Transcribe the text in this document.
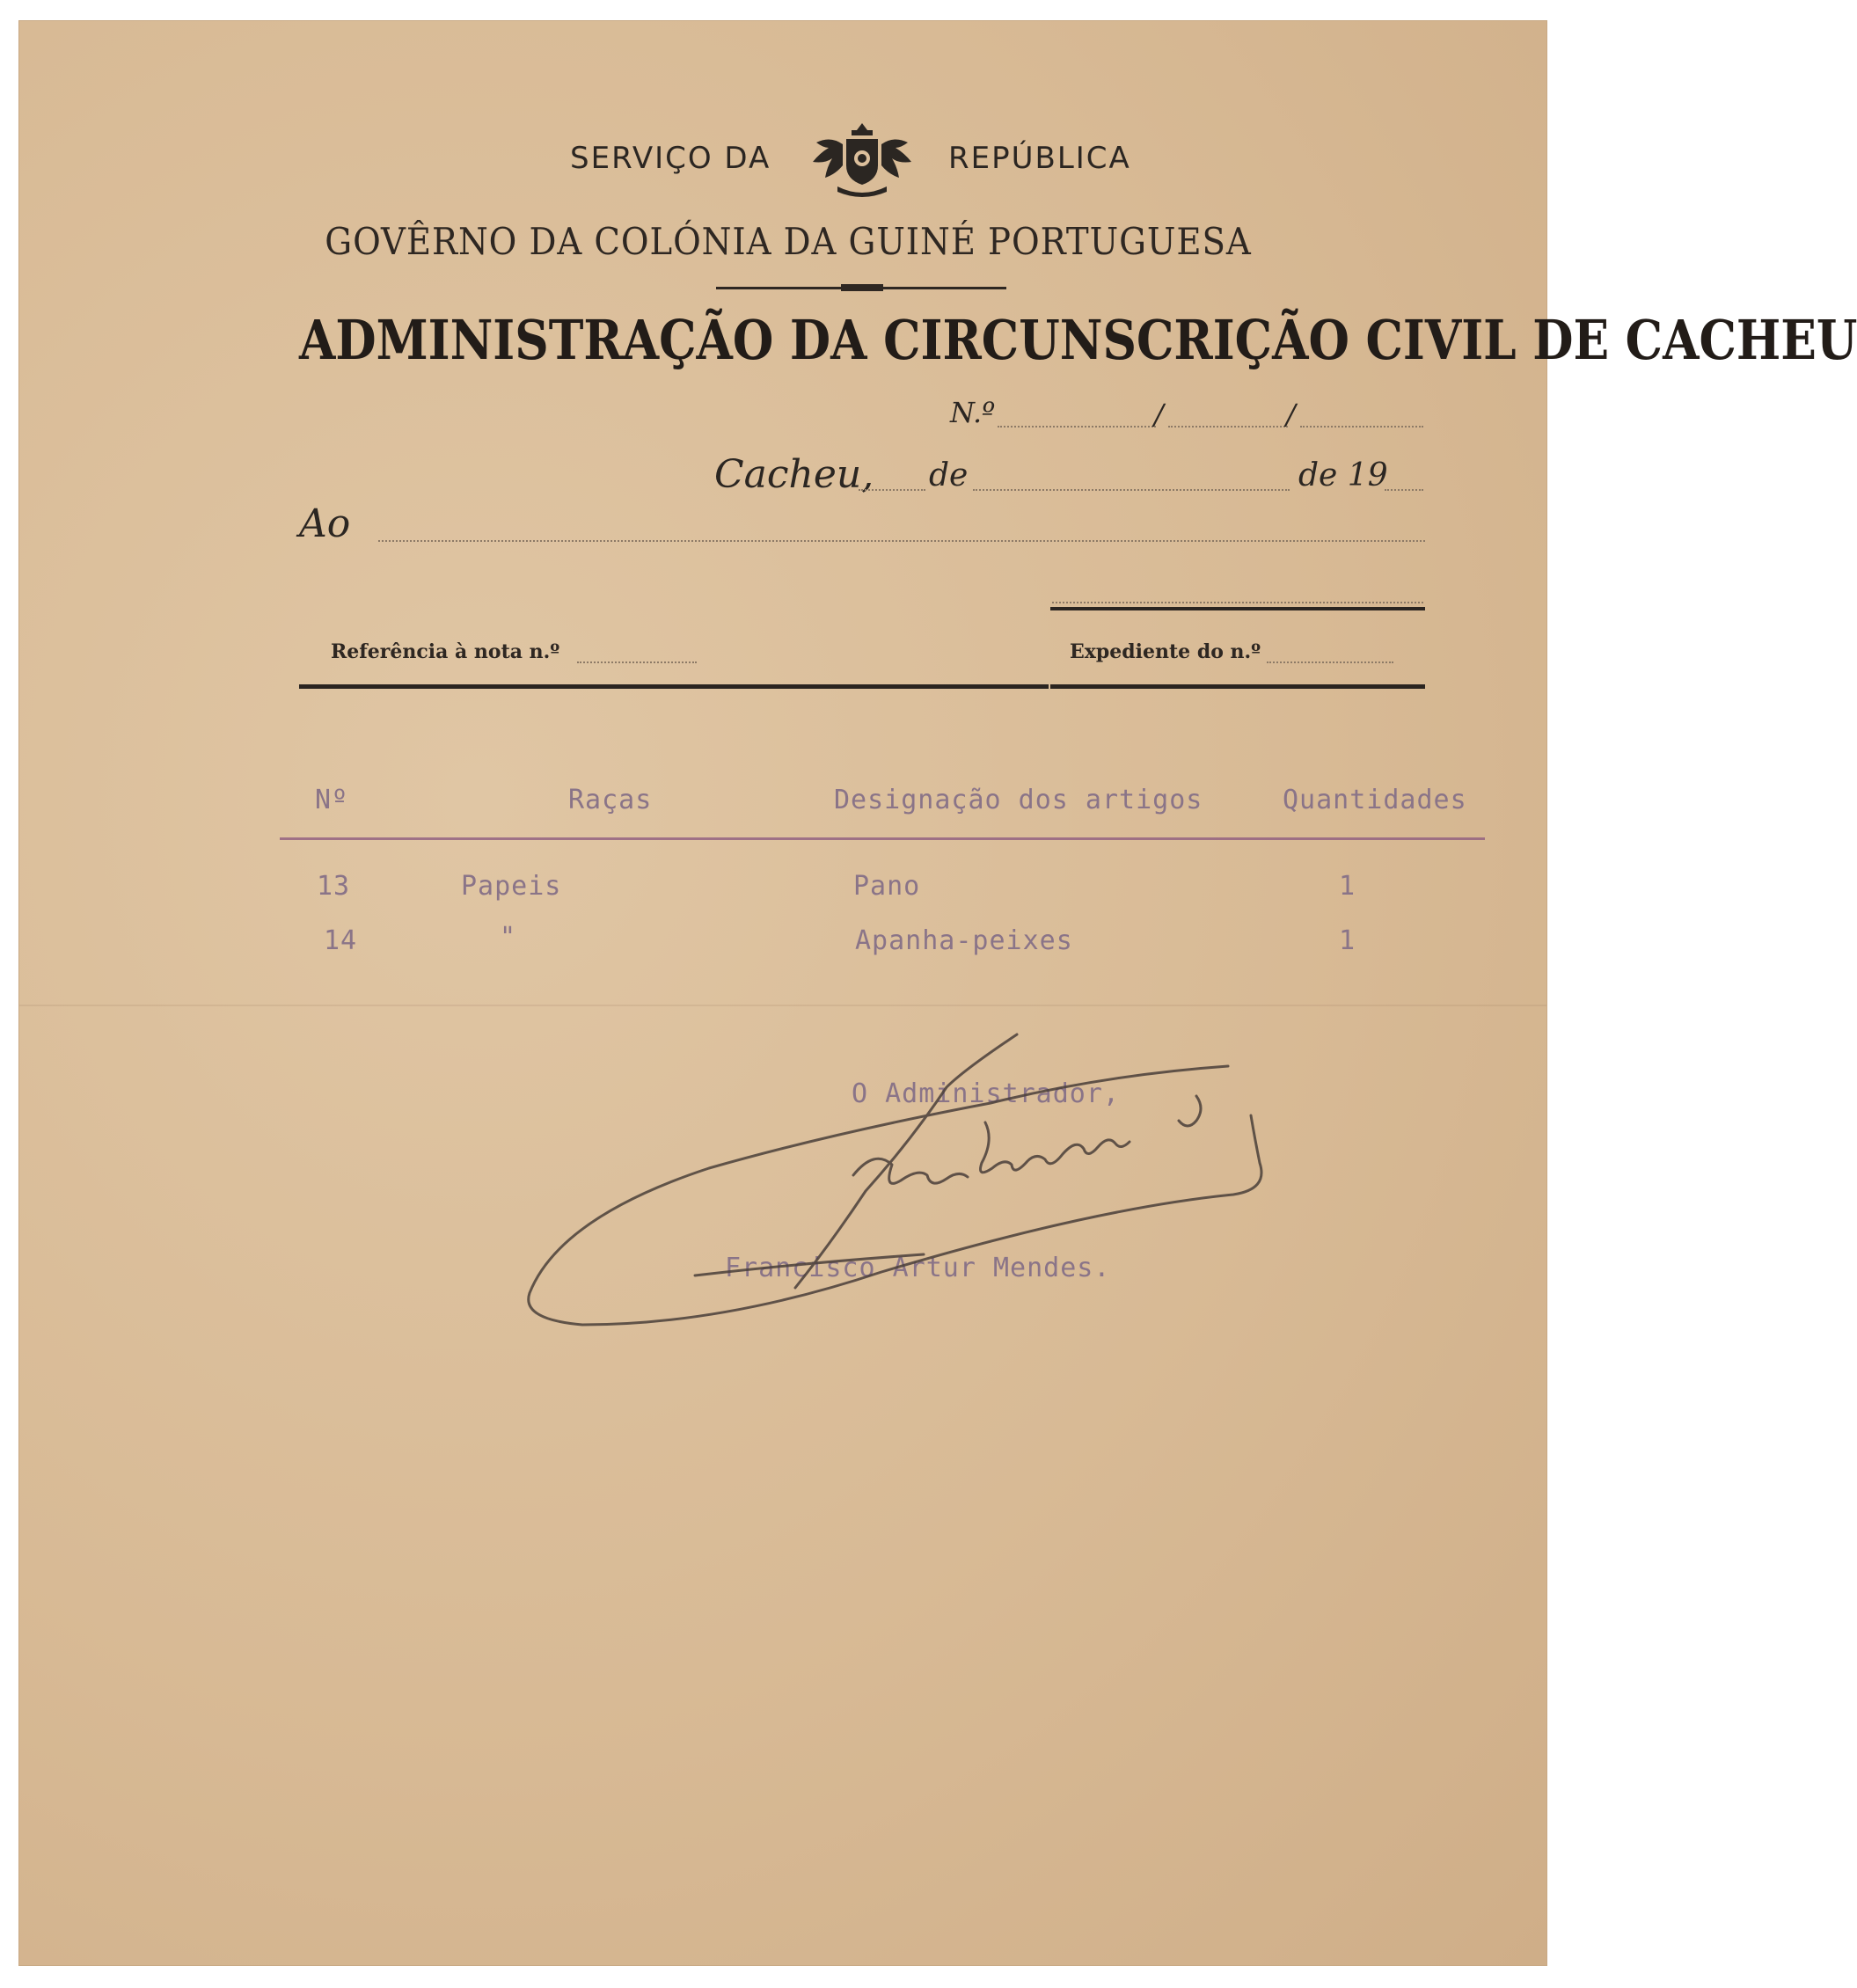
SERVIÇO DA	REPÚBLICA
GOVÊRNO DA COLÓNIA DA GUINÉ PORTUGUESA
ADMINISTRAÇÃO DA CIRCUNSCRIÇÃO CIVIL DE CACHEU
N.º	/	/
Cacheu, de	de 19
Ao
Referência à nota n.º	Expediente do n.º
Nº	Raças	Designação dos artigos	Quantidades
13	Papeis	Pano	1
14	"	Apanha-peixes	1
O Administrador,
Francisco Artur Mendes.
